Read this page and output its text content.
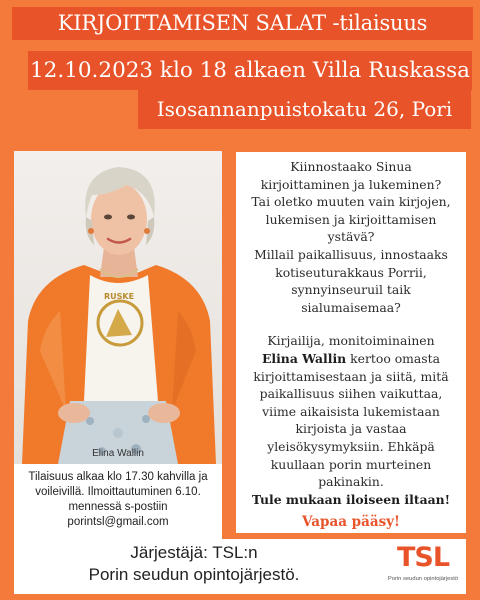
KIRJOITTAMISEN SALAT -tilaisuus
12.10.2023 klo 18 alkaen Villa Ruskassa
Isosannanpuistokatu 26, Pori
RUSKE
Elina Wallin
Tilaisuus alkaa klo 17.30 kahvilla ja
voileivillä. Ilmoittautuminen 6.10.
mennessä s-postiin
porintsl@gmail.com

Kiinnostaako Sinua

kirjoittaminen ja lukeminen?

Tai oletko muuten vain kirjojen,

lukemisen ja kirjoittamisen

ystävä?

Millail paikallisuus, innostaaks

kotiseuturakkaus Porrii,

synnyinseuruil taik

sialumaisemaa?

Kirjailija, monitoiminainen

Elina Wallin kertoo omasta

kirjoittamisestaan ja siitä, mitä

paikallisuus siihen vaikuttaa,

viime aikaisista lukemistaan

kirjoista ja vastaa

yleisökysymyksiin. Ehkäpä

kuullaan porin murteinen

pakinakin.

Tule mukaan iloiseen iltaan!

Vapaa pääsy!

Järjestäjä: TSL:n
Porin seudun opintojärjestö.
TSL
Porin seudun opintojärjestö
